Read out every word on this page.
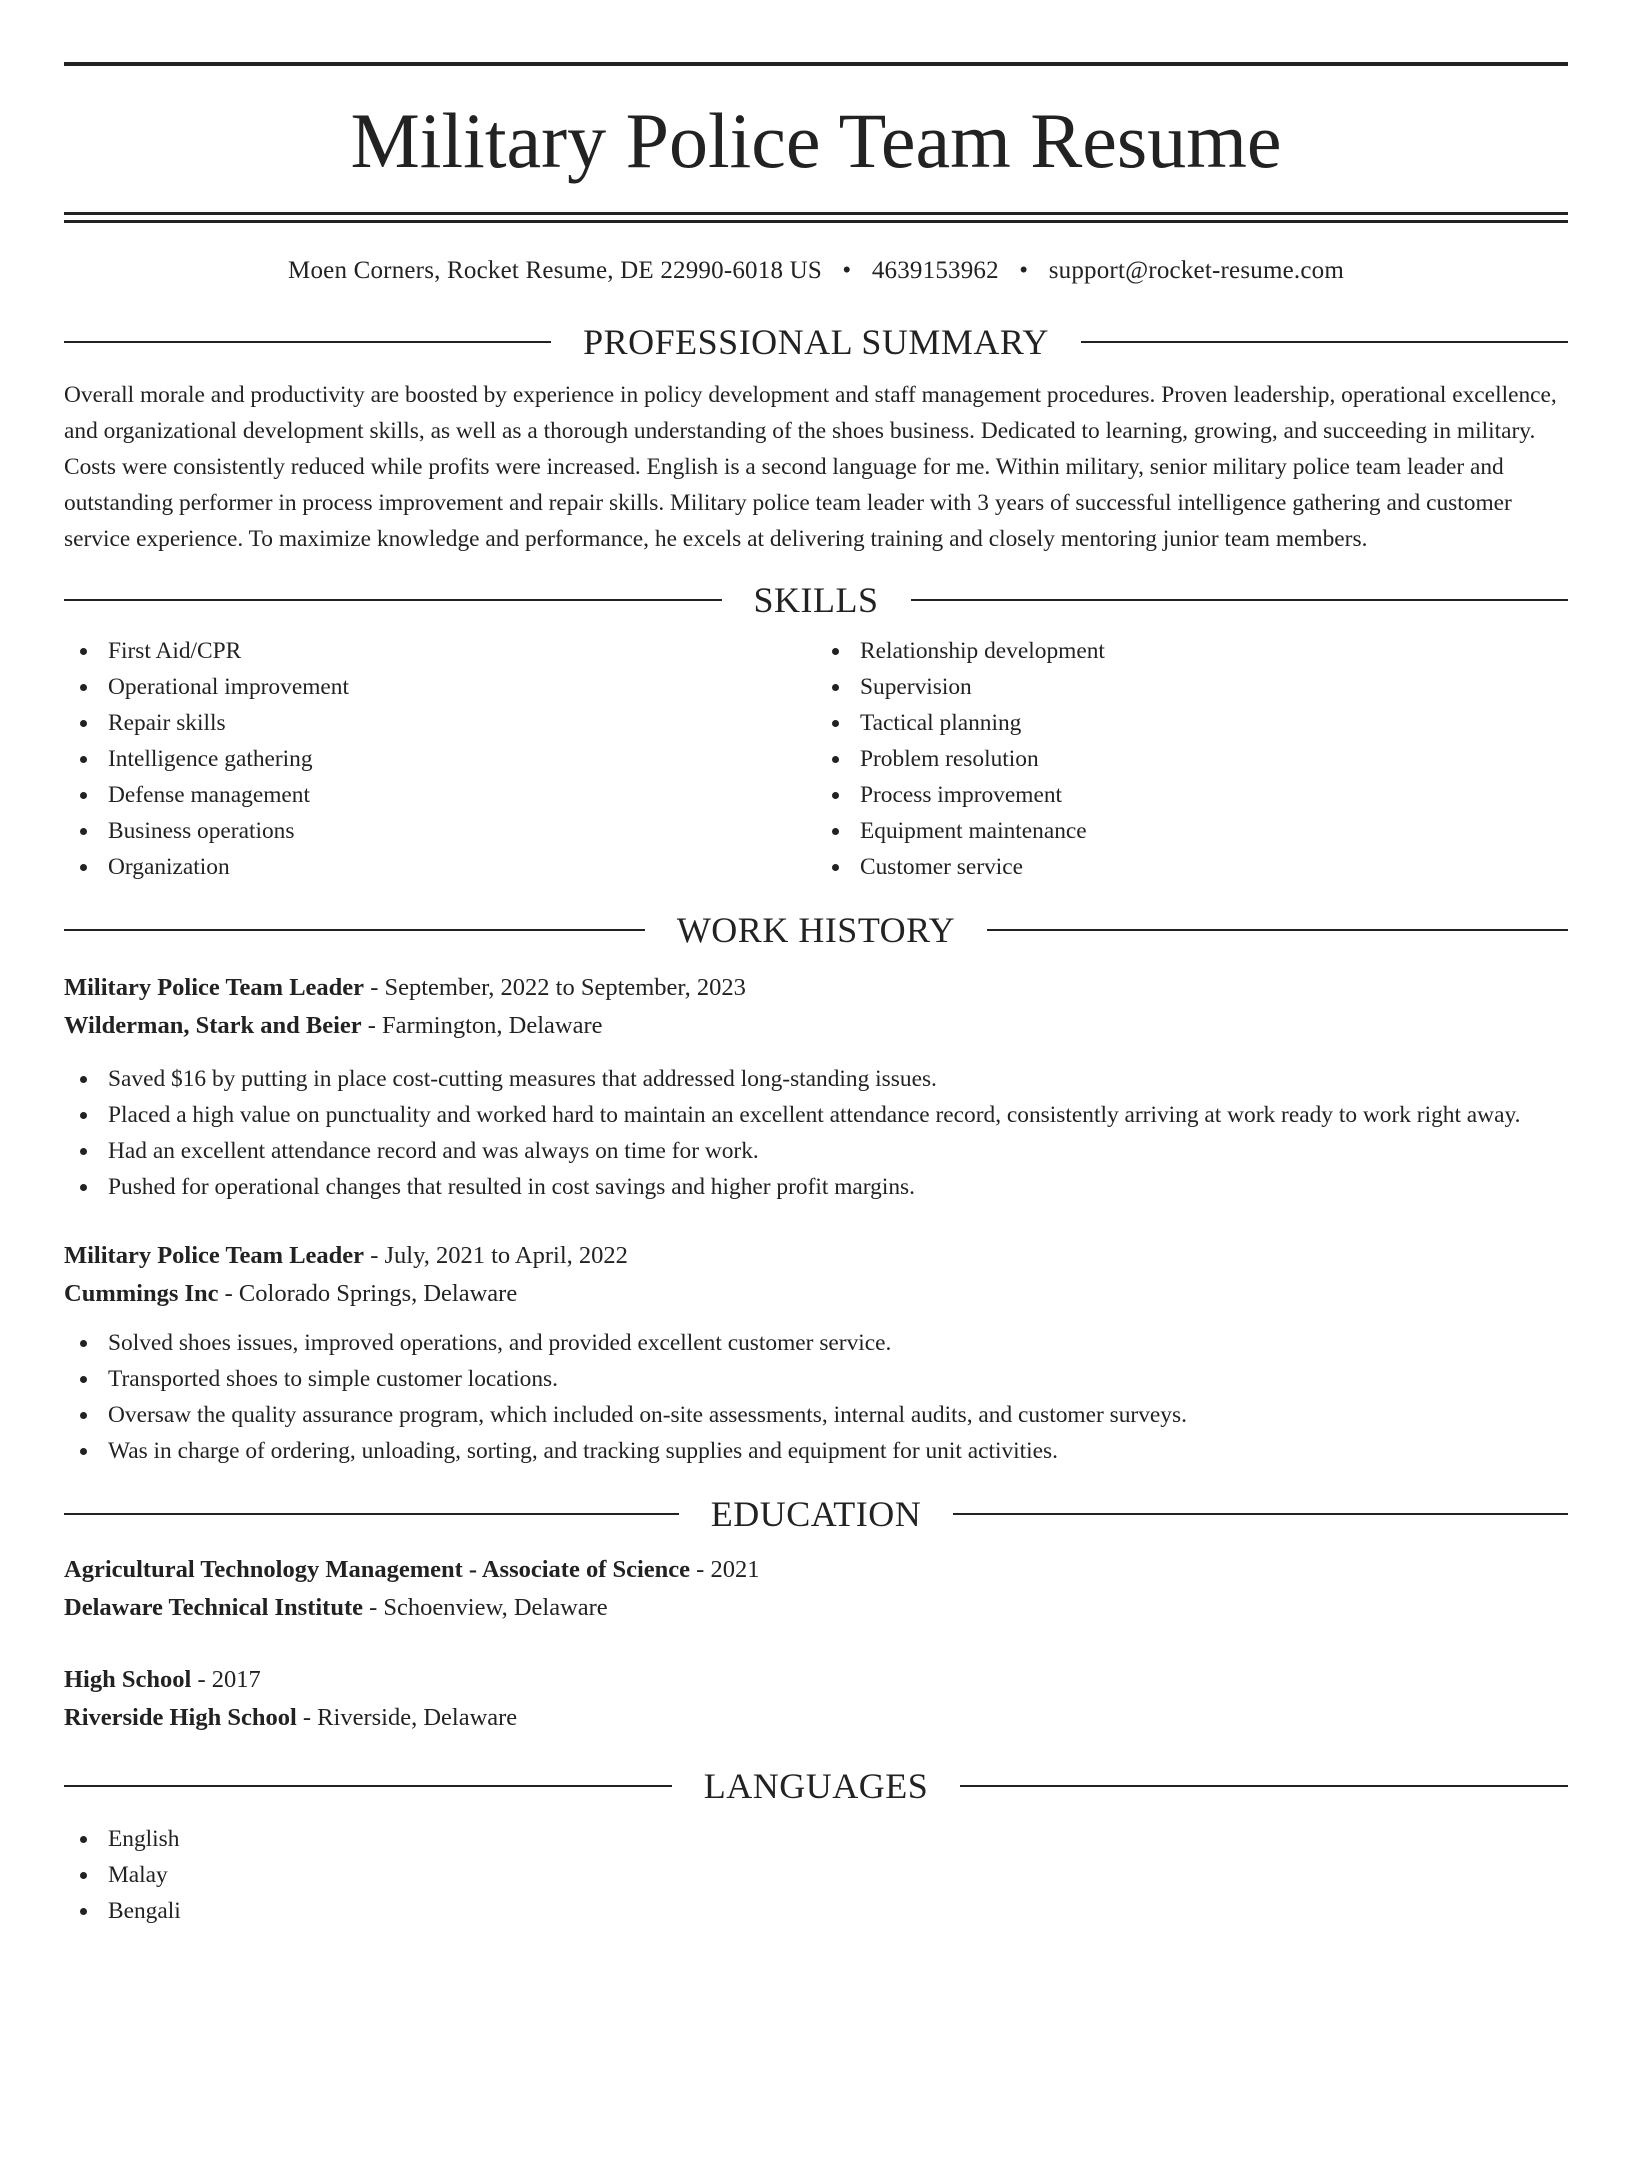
Military Police Team Resume
Moen Corners, Rocket Resume, DE 22990-6018 US • 4639153962 • support@rocket-resume.com
PROFESSIONAL SUMMARY

Overall morale and productivity are boosted by experience in policy development and staff management procedures. Proven leadership, operational excellence, and organizational development skills, as well as a thorough understanding of the shoes business. Dedicated to learning, growing, and succeeding in military. Costs were consistently reduced while profits were increased. English is a second language for me. Within military, senior military police team leader and outstanding performer in process improvement and repair skills. Military police team leader with 3 years of successful intelligence gathering and customer service experience. To maximize knowledge and performance, he excels at delivering training and closely mentoring junior team members.

SKILLS
First Aid/CPR
Operational improvement
Repair skills
Intelligence gathering
Defense management
Business operations
Organization
Relationship development
Supervision
Tactical planning
Problem resolution
Process improvement
Equipment maintenance
Customer service
WORK HISTORY
Military Police Team Leader - September, 2022 to September, 2023
Wilderman, Stark and Beier - Farmington, Delaware
Saved $16 by putting in place cost-cutting measures that addressed long-standing issues.
Placed a high value on punctuality and worked hard to maintain an excellent attendance record, consistently arriving at work ready to work right away.
Had an excellent attendance record and was always on time for work.
Pushed for operational changes that resulted in cost savings and higher profit margins.
Military Police Team Leader - July, 2021 to April, 2022
Cummings Inc - Colorado Springs, Delaware
Solved shoes issues, improved operations, and provided excellent customer service.
Transported shoes to simple customer locations.
Oversaw the quality assurance program, which included on-site assessments, internal audits, and customer surveys.
Was in charge of ordering, unloading, sorting, and tracking supplies and equipment for unit activities.
EDUCATION
Agricultural Technology Management - Associate of Science - 2021
Delaware Technical Institute - Schoenview, Delaware
High School - 2017
Riverside High School - Riverside, Delaware
LANGUAGES
English
Malay
Bengali
